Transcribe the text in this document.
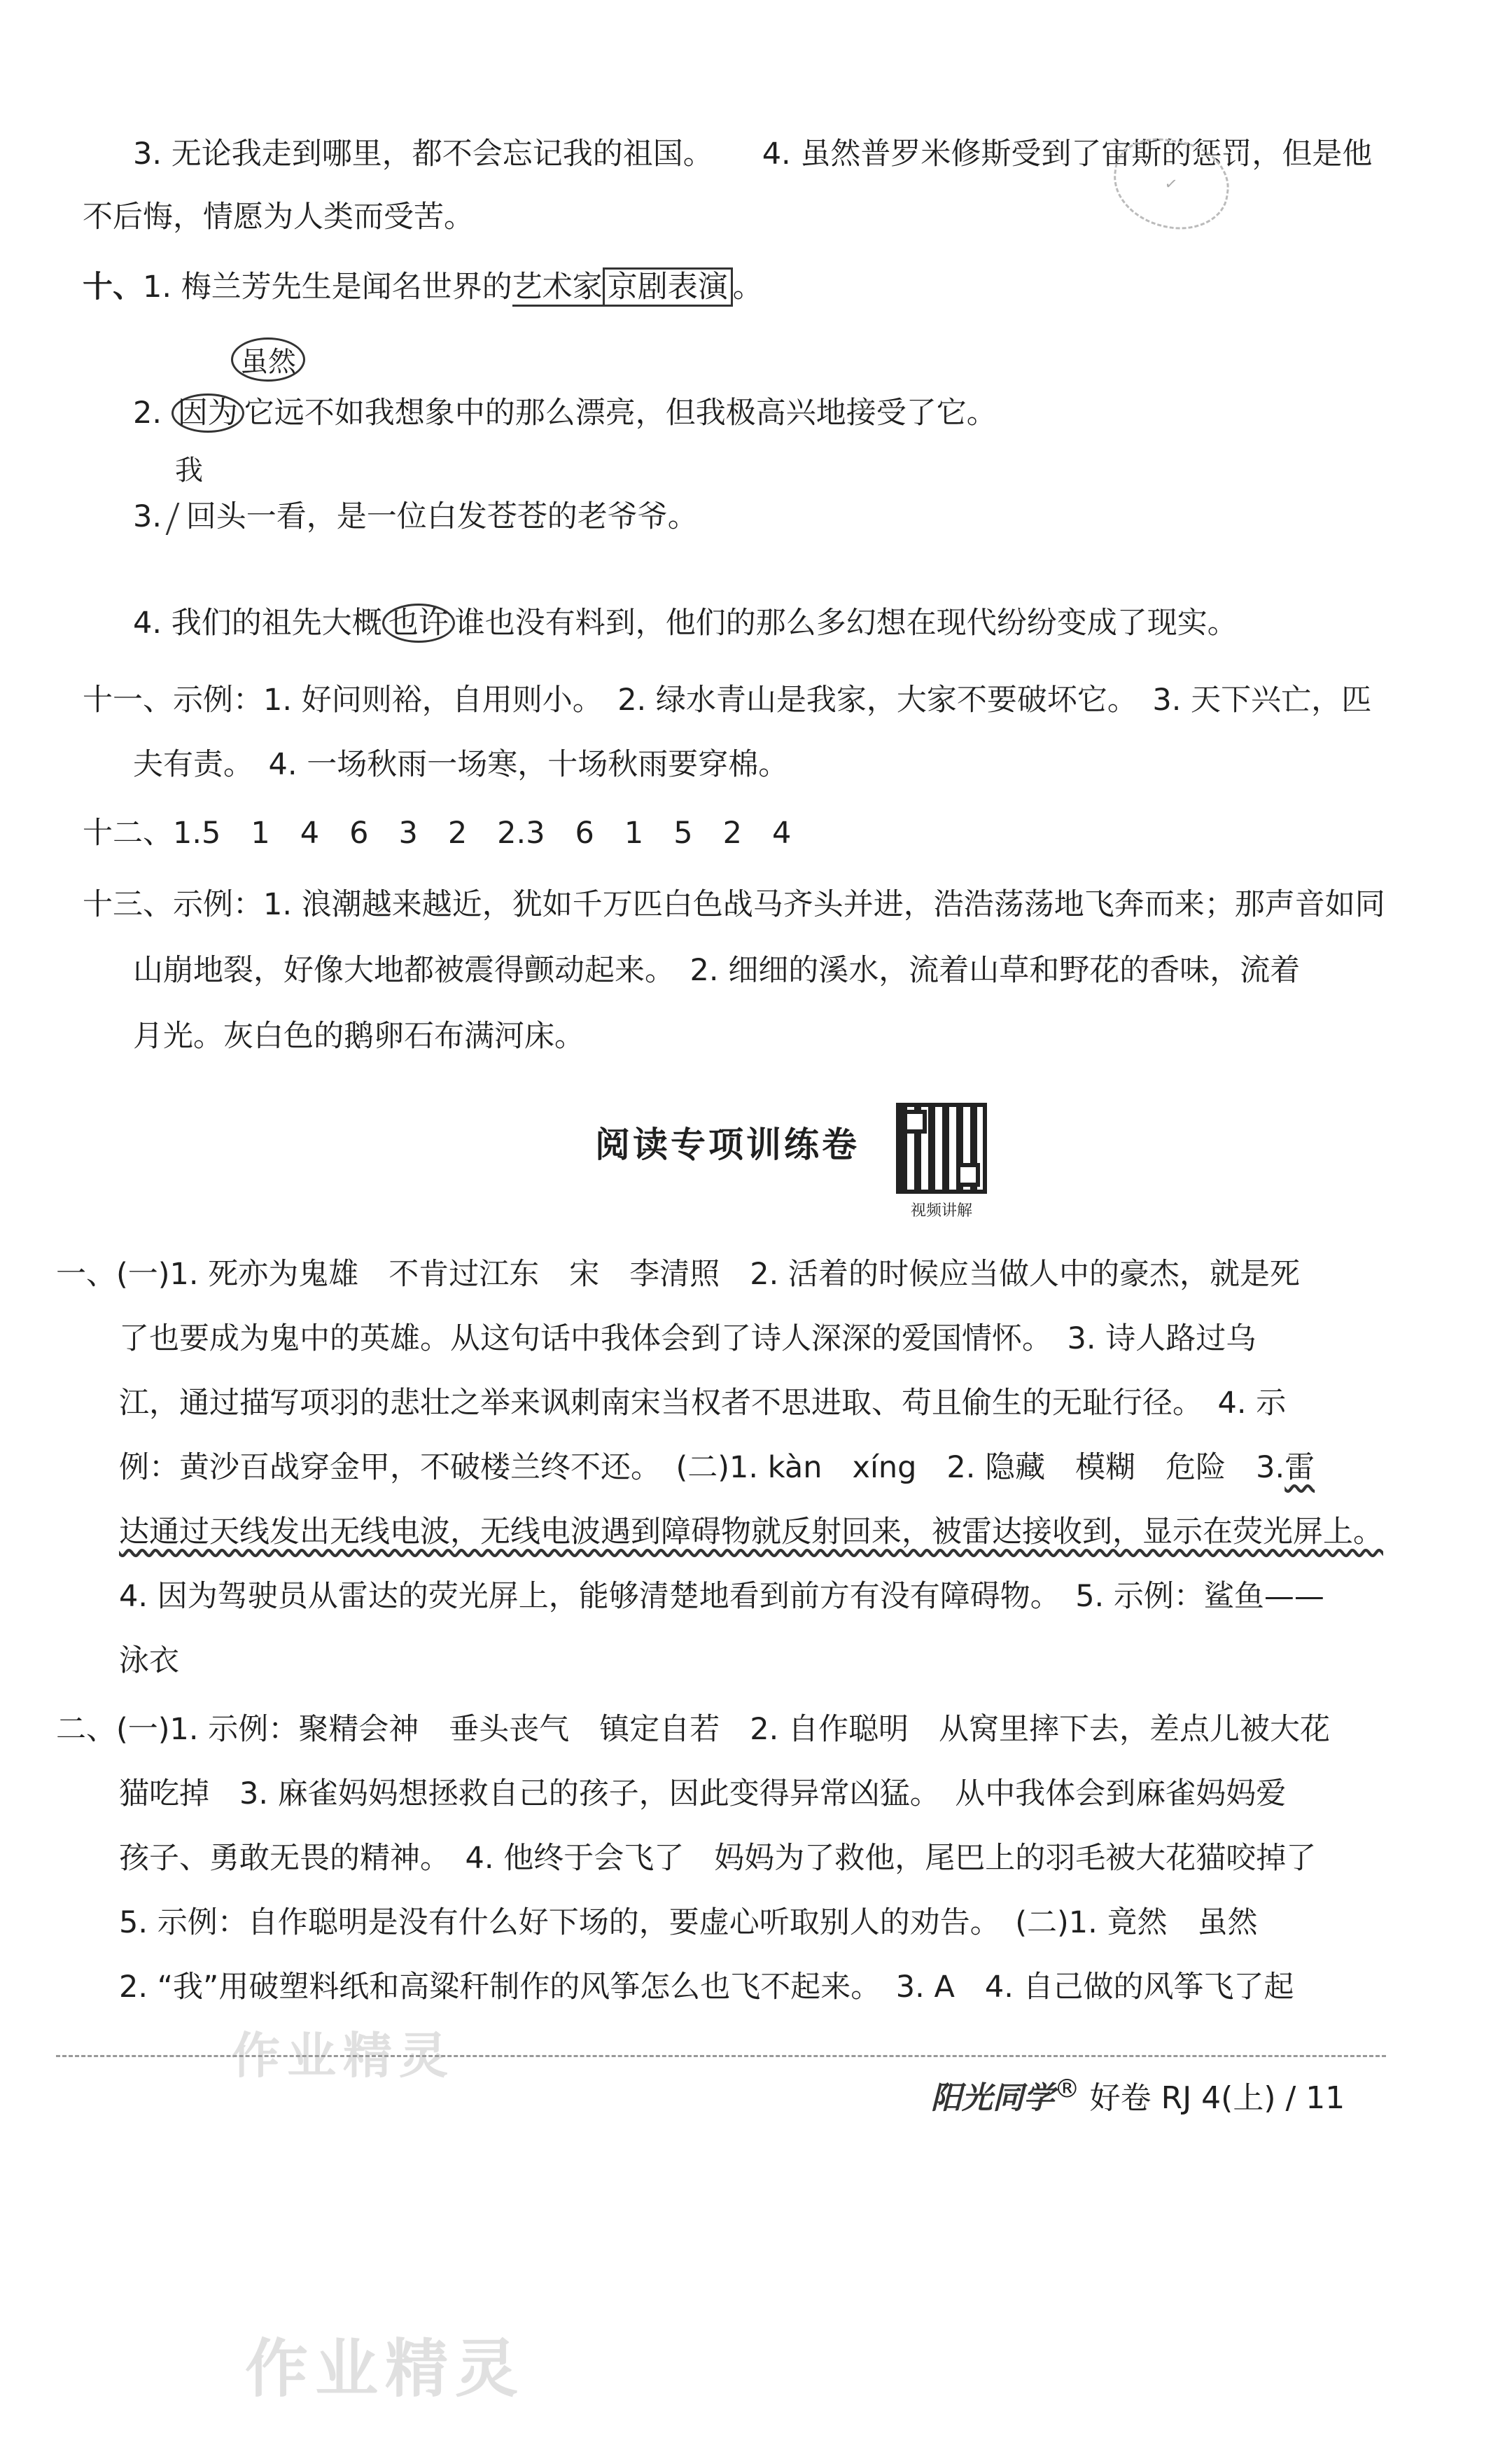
3. 无论我走到哪里，都不会忘记我的祖国。 4. 虽然普罗米修斯受到了宙斯的惩罚，但是他
不后悔，情愿为人类而受苦。
✓
十、1. 梅兰芳先生是闻名世界的艺术家 京剧表演 。
虽然
2. 因为 它远不如我想象中的那么漂亮，但我极高兴地接受了它。
我
3. 回头一看，是一位白发苍苍的老爷爷。
4. 我们的祖先大概 也许 谁也没有料到，他们的那么多幻想在现代纷纷变成了现实。
十一、示例：1. 好问则裕，自用则小。　2. 绿水青山是我家，大家不要破坏它。　3. 天下兴亡，匹
夫有责。　4. 一场秋雨一场寒，十场秋雨要穿棉。
十二、1.5　1　4　6　3　2　2.3　6　1　5　2　4
十三、示例：1. 浪潮越来越近，犹如千万匹白色战马齐头并进，浩浩荡荡地飞奔而来；那声音如同
山崩地裂，好像大地都被震得颤动起来。　2. 细细的溪水，流着山草和野花的香味，流着
月光。灰白色的鹅卵石布满河床。
阅读专项训练卷
视频讲解
一、(一)1. 死亦为鬼雄　不肯过江东　宋　李清照　2. 活着的时候应当做人中的豪杰，就是死
了也要成为鬼中的英雄。从这句话中我体会到了诗人深深的爱国情怀。　3. 诗人路过乌
江，通过描写项羽的悲壮之举来讽刺南宋当权者不思进取、苟且偷生的无耻行径。　4. 示
例：黄沙百战穿金甲，不破楼兰终不还。　(二)1. kàn　xíng　2. 隐藏　模糊　危险　3.雷
达通过天线发出无线电波，无线电波遇到障碍物就反射回来，被雷达接收到，显示在荧光屏上。
4. 因为驾驶员从雷达的荧光屏上，能够清楚地看到前方有没有障碍物。　5. 示例：鲨鱼——
泳衣
二、(一)1. 示例：聚精会神　垂头丧气　镇定自若　2. 自作聪明　从窝里摔下去，差点儿被大花
猫吃掉　3. 麻雀妈妈想拯救自己的孩子，因此变得异常凶猛。　从中我体会到麻雀妈妈爱
孩子、勇敢无畏的精神。　4. 他终于会飞了　妈妈为了救他，尾巴上的羽毛被大花猫咬掉了
5. 示例：自作聪明是没有什么好下场的，要虚心听取别人的劝告。　(二)1. 竟然　虽然
2. “我”用破塑料纸和高粱秆制作的风筝怎么也飞不起来。　3. A　4. 自己做的风筝飞了起
作业精灵
阳光同学® 好卷 RJ 4(上) / 11
作业精灵
